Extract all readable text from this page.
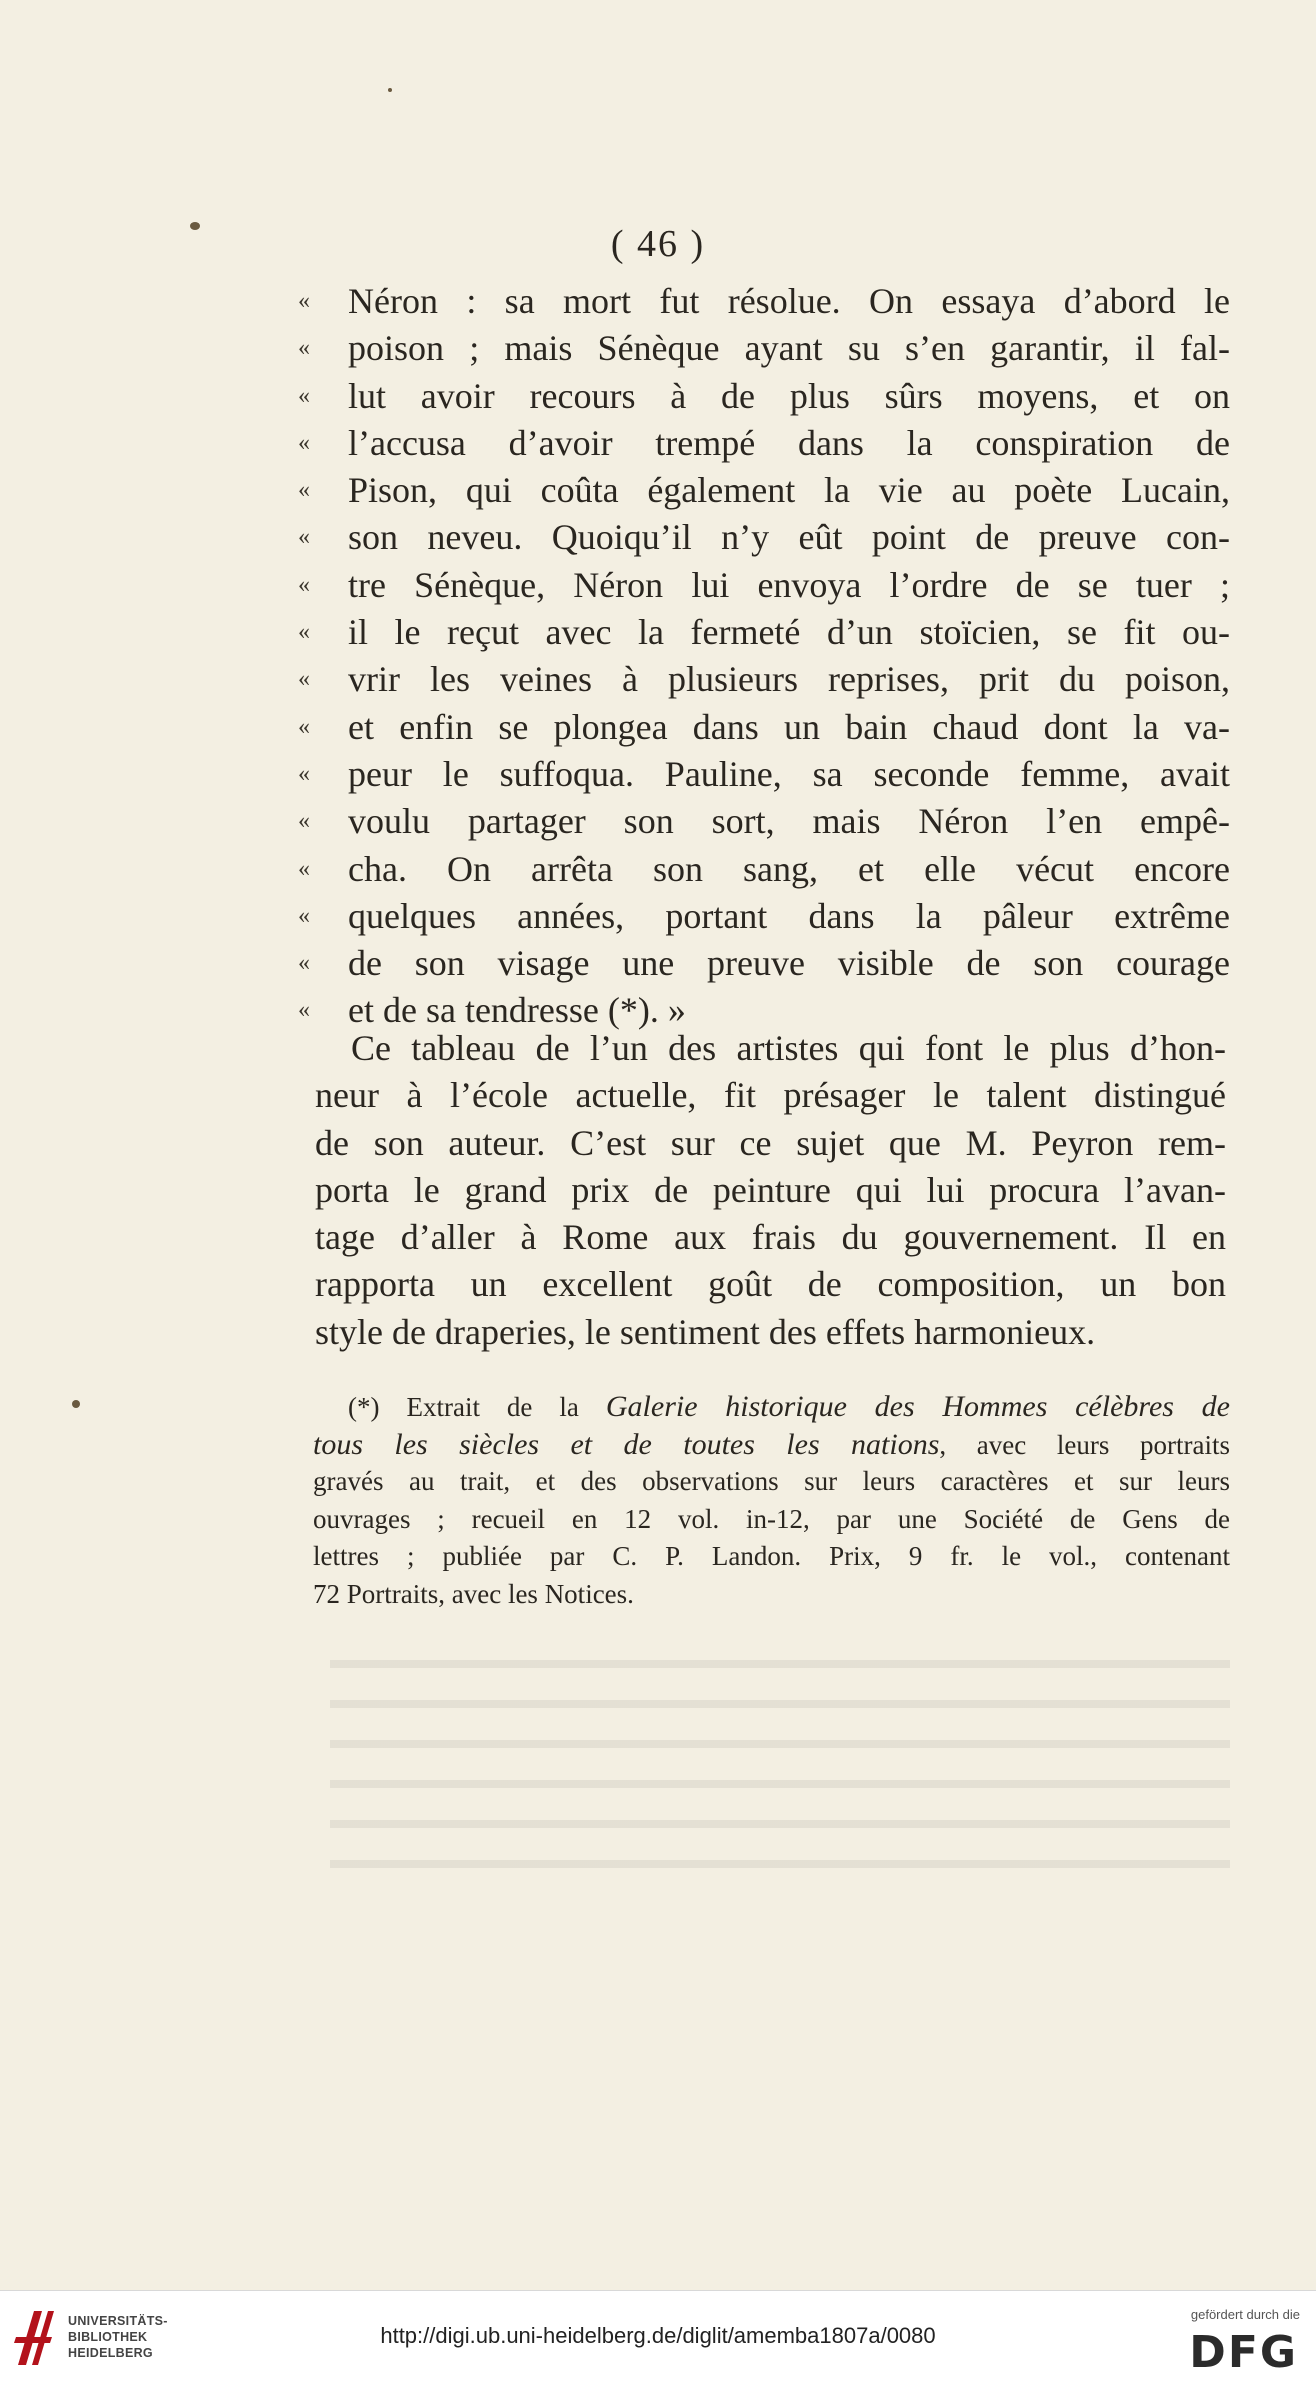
( 46 )
« Néron : sa mort fut résolue. On essaya d’abord le
« poison ; mais Sénèque ayant su s’en garantir, il fal-
« lut avoir recours à de plus sûrs moyens, et on
« l’accusa d’avoir trempé dans la conspiration de
« Pison, qui coûta également la vie au poète Lucain,
« son neveu. Quoiqu’il n’y eût point de preuve con-
« tre Sénèque, Néron lui envoya l’ordre de se tuer ;
« il le reçut avec la fermeté d’un stoïcien, se fit ou-
« vrir les veines à plusieurs reprises, prit du poison,
« et enfin se plongea dans un bain chaud dont la va-
« peur le suffoqua. Pauline, sa seconde femme, avait
« voulu partager son sort, mais Néron l’en empê-
« cha. On arrêta son sang, et elle vécut encore
« quelques années, portant dans la pâleur extrême
« de son visage une preuve visible de son courage
« et de sa tendresse (*). »
Ce tableau de l’un des artistes qui font le plus d’hon-
neur à l’école actuelle, fit présager le talent distingué
de son auteur. C’est sur ce sujet que M. Peyron rem-
porta le grand prix de peinture qui lui procura l’avan-
tage d’aller à Rome aux frais du gouvernement. Il en
rapporta un excellent goût de composition, un bon
style de draperies, le sentiment des effets harmonieux.
(*) Extrait de la Galerie historique des Hommes célèbres de
tous les siècles et de toutes les nations, avec leurs portraits
gravés au trait, et des observations sur leurs caractères et sur leurs
ouvrages ; recueil en 12 vol. in-12, par une Société de Gens de
lettres ; publiée par C. P. Landon. Prix, 9 fr. le vol., contenant
72 Portraits, avec les Notices.
UNIVERSITÄTS-
BIBLIOTHEK
HEIDELBERG
http://digi.ub.uni-heidelberg.de/diglit/amemba1807a/0080
gefördert durch die
DFG
